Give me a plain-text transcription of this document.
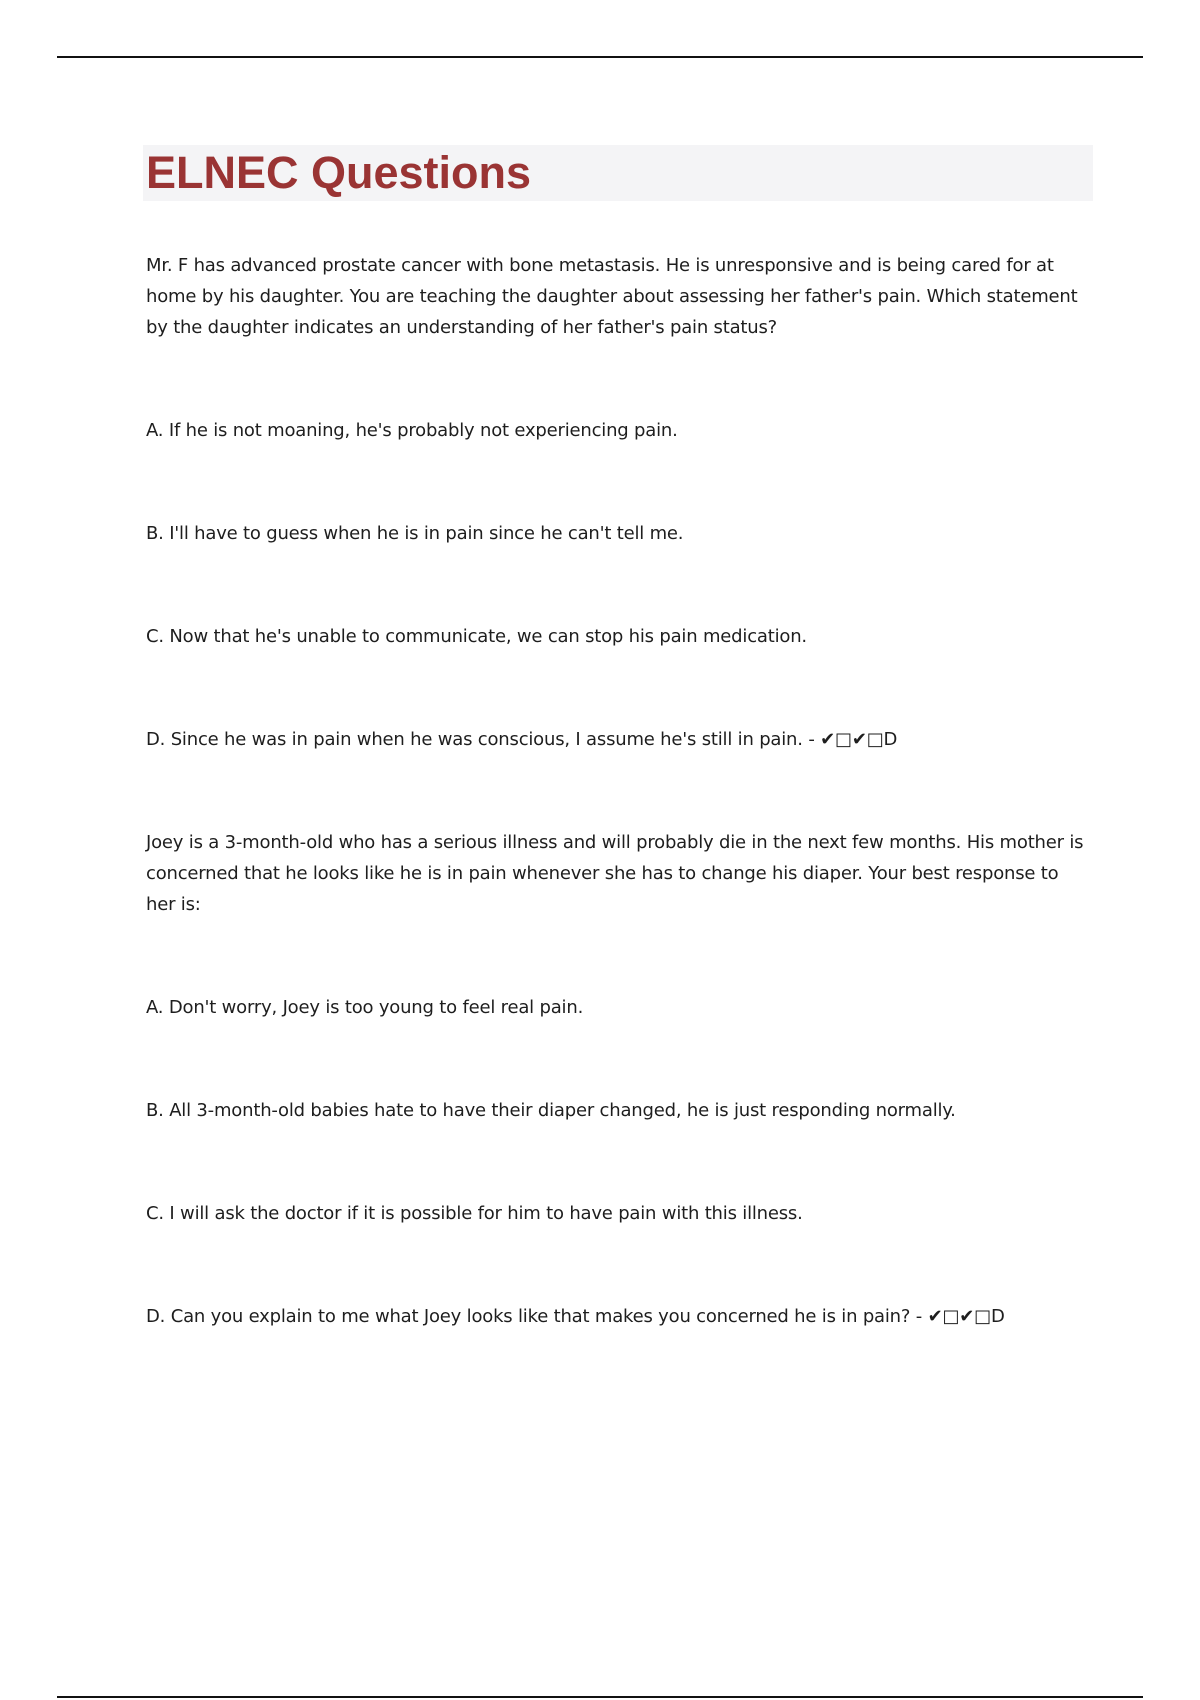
ELNEC Questions

Mr. F has advanced prostate cancer with bone metastasis. He is unresponsive and is being cared for at home by his daughter. You are teaching the daughter about assessing her father's pain. Which statement by the daughter indicates an understanding of her father's pain status?

A. If he is not moaning, he's probably not experiencing pain.

B. I'll have to guess when he is in pain since he can't tell me.

C. Now that he's unable to communicate, we can stop his pain medication.

D. Since he was in pain when he was conscious, I assume he's still in pain. - ✔□✔□D

Joey is a 3-month-old who has a serious illness and will probably die in the next few months. His mother is concerned that he looks like he is in pain whenever she has to change his diaper. Your best response to her is:

A. Don't worry, Joey is too young to feel real pain.

B. All 3-month-old babies hate to have their diaper changed, he is just responding normally.

C. I will ask the doctor if it is possible for him to have pain with this illness.

D. Can you explain to me what Joey looks like that makes you concerned he is in pain? - ✔□✔□D
